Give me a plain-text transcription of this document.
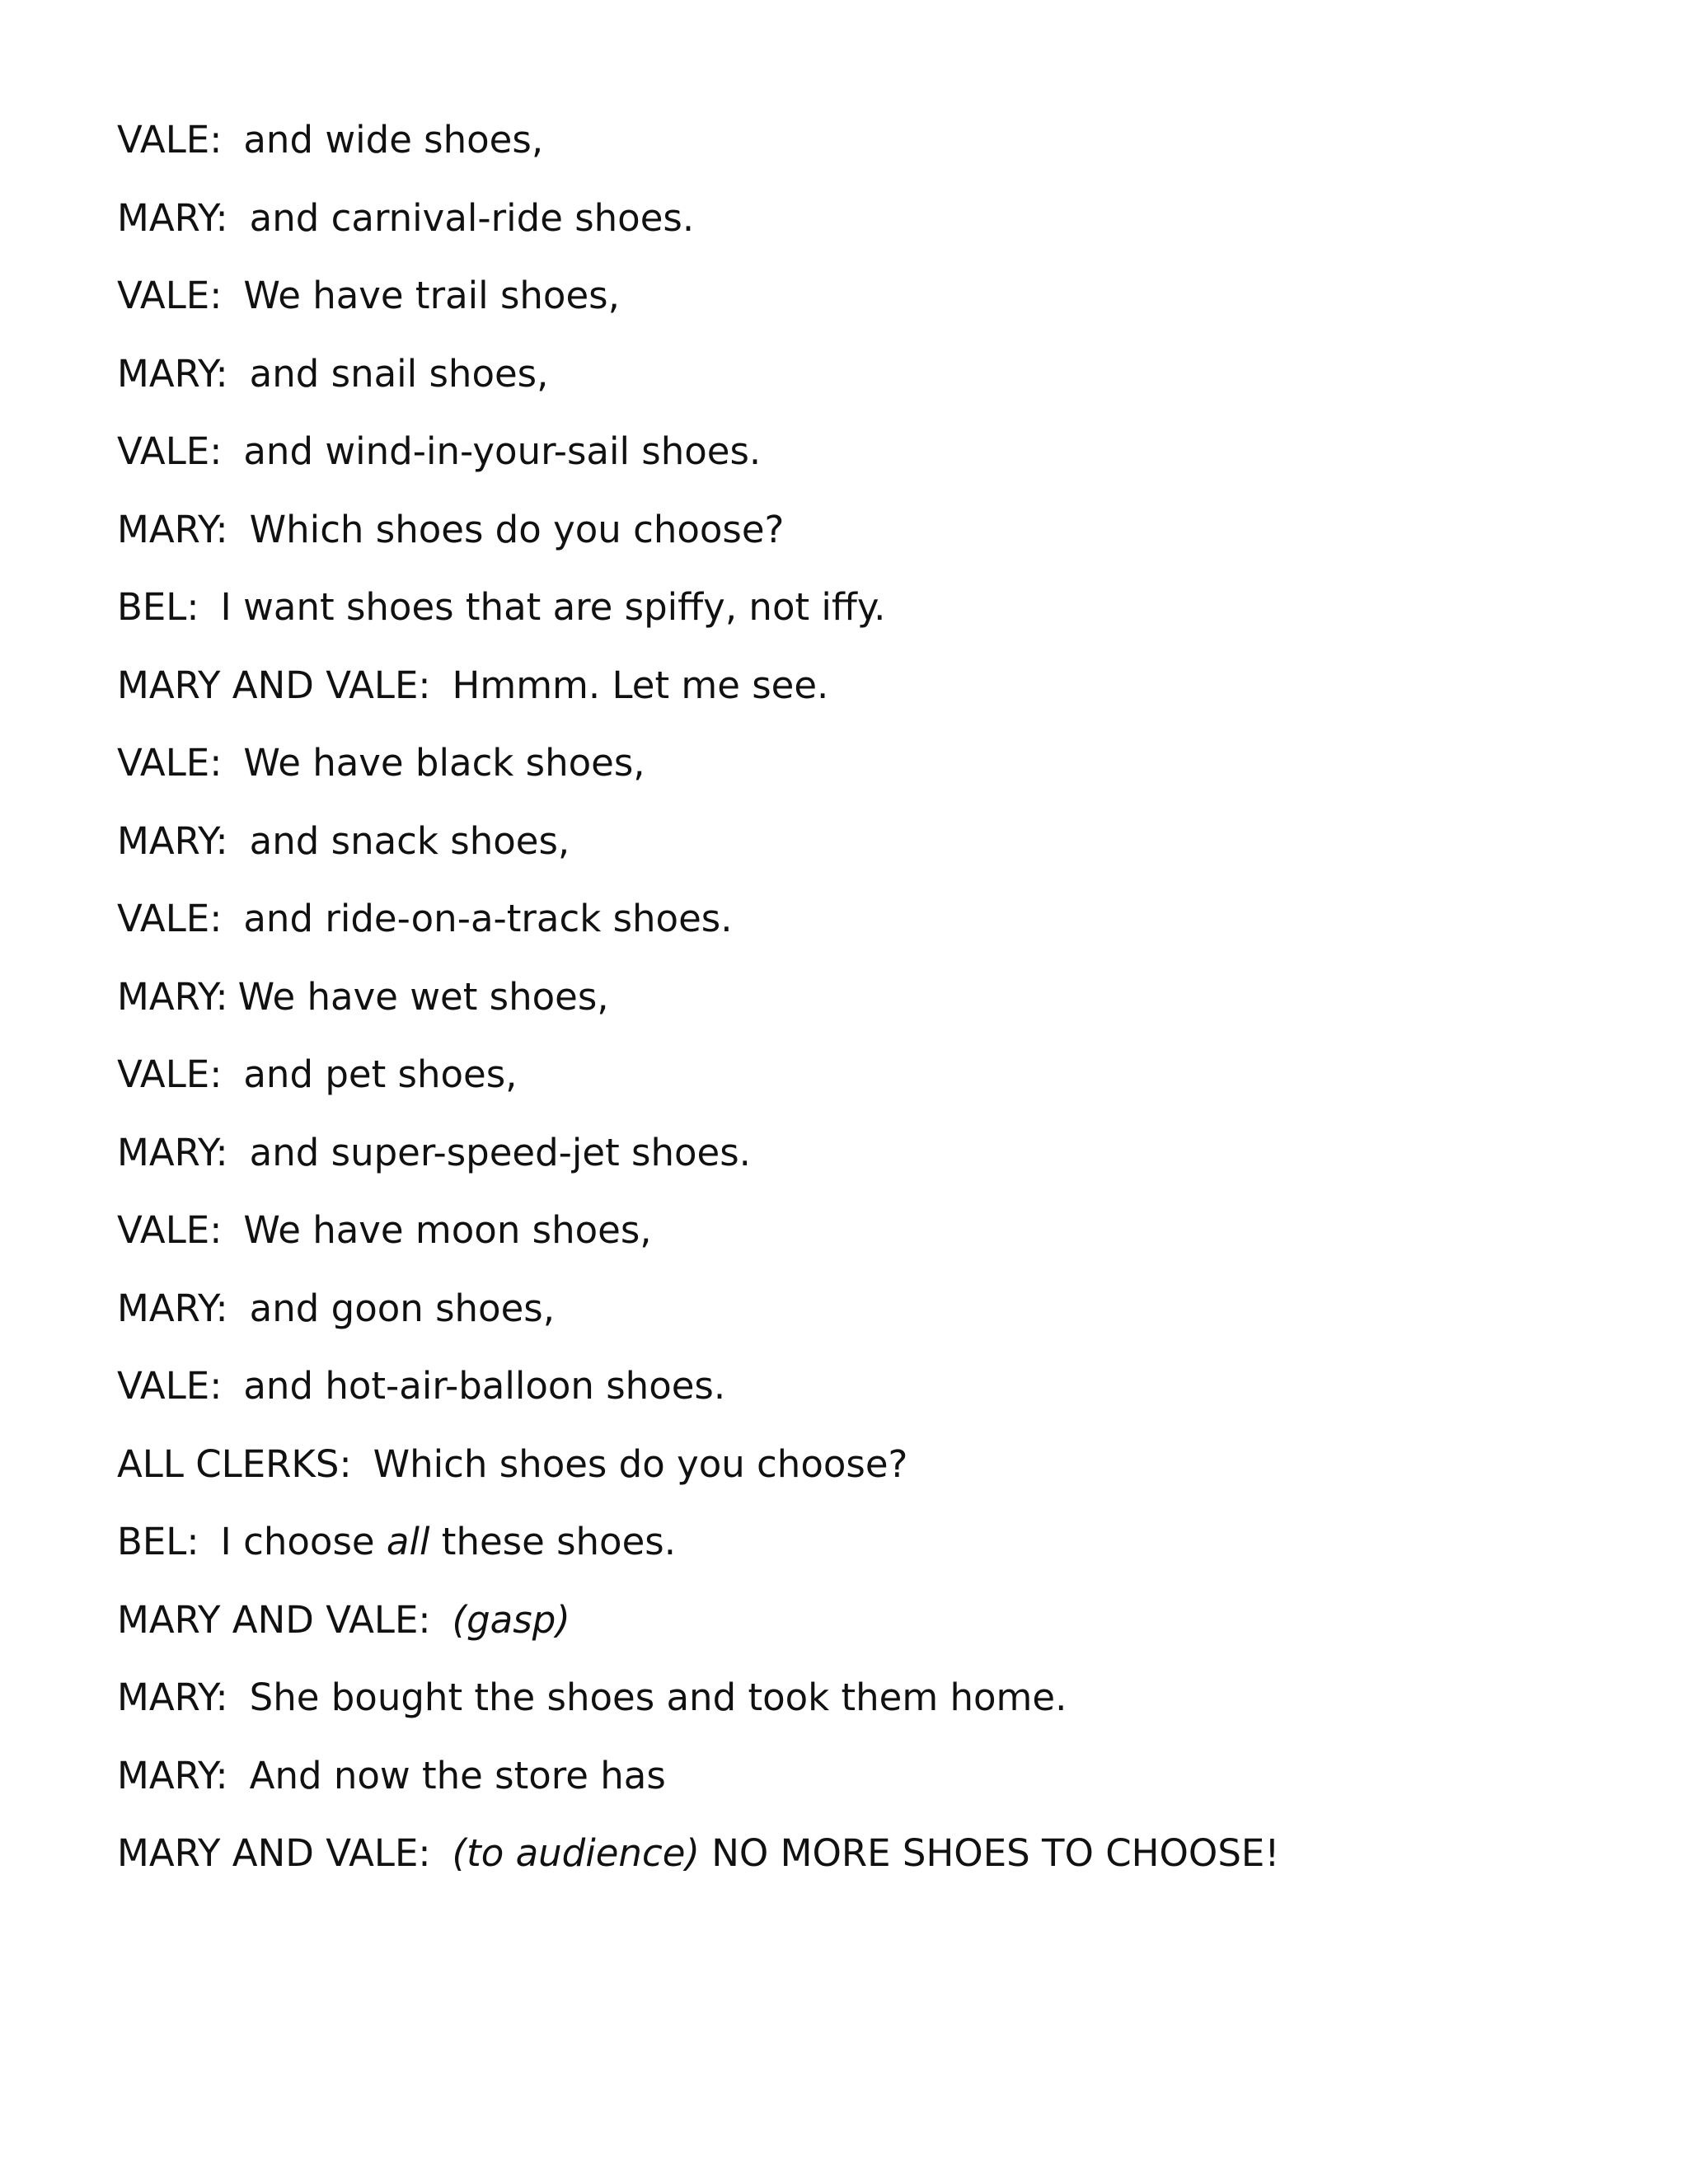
VALE: and wide shoes,
MARY: and carnival-ride shoes.
VALE: We have trail shoes,
MARY: and snail shoes,
VALE: and wind-in-your-sail shoes.
MARY: Which shoes do you choose?
BEL: I want shoes that are spiffy, not iffy.
MARY AND VALE: Hmmm. Let me see.
VALE: We have black shoes,
MARY: and snack shoes,
VALE: and ride-on-a-track shoes.
MARY: We have wet shoes,
VALE: and pet shoes,
MARY: and super-speed-jet shoes.
VALE: We have moon shoes,
MARY: and goon shoes,
VALE: and hot-air-balloon shoes.
ALL CLERKS: Which shoes do you choose?
BEL: I choose all these shoes.
MARY AND VALE: (gasp)
MARY: She bought the shoes and took them home.
MARY: And now the store has
MARY AND VALE: (to audience) NO MORE SHOES TO CHOOSE!
